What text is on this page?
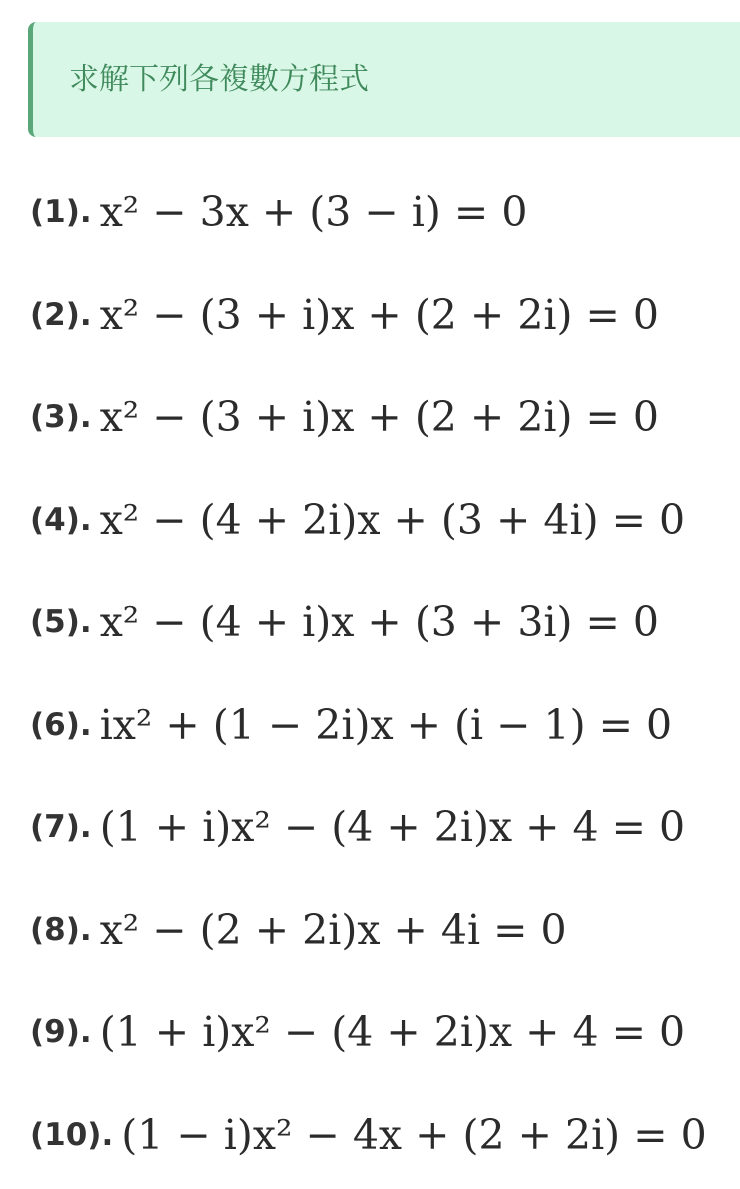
求解下列各複數方程式
(1). x² − 3x + (3 − i) = 0
(2). x² − (3 + i)x + (2 + 2i) = 0
(3). x² − (3 + i)x + (2 + 2i) = 0
(4). x² − (4 + 2i)x + (3 + 4i) = 0
(5). x² − (4 + i)x + (3 + 3i) = 0
(6). ix² + (1 − 2i)x + (i − 1) = 0
(7). (1 + i)x² − (4 + 2i)x + 4 = 0
(8). x² − (2 + 2i)x + 4i = 0
(9). (1 + i)x² − (4 + 2i)x + 4 = 0
(10). (1 − i)x² − 4x + (2 + 2i) = 0
